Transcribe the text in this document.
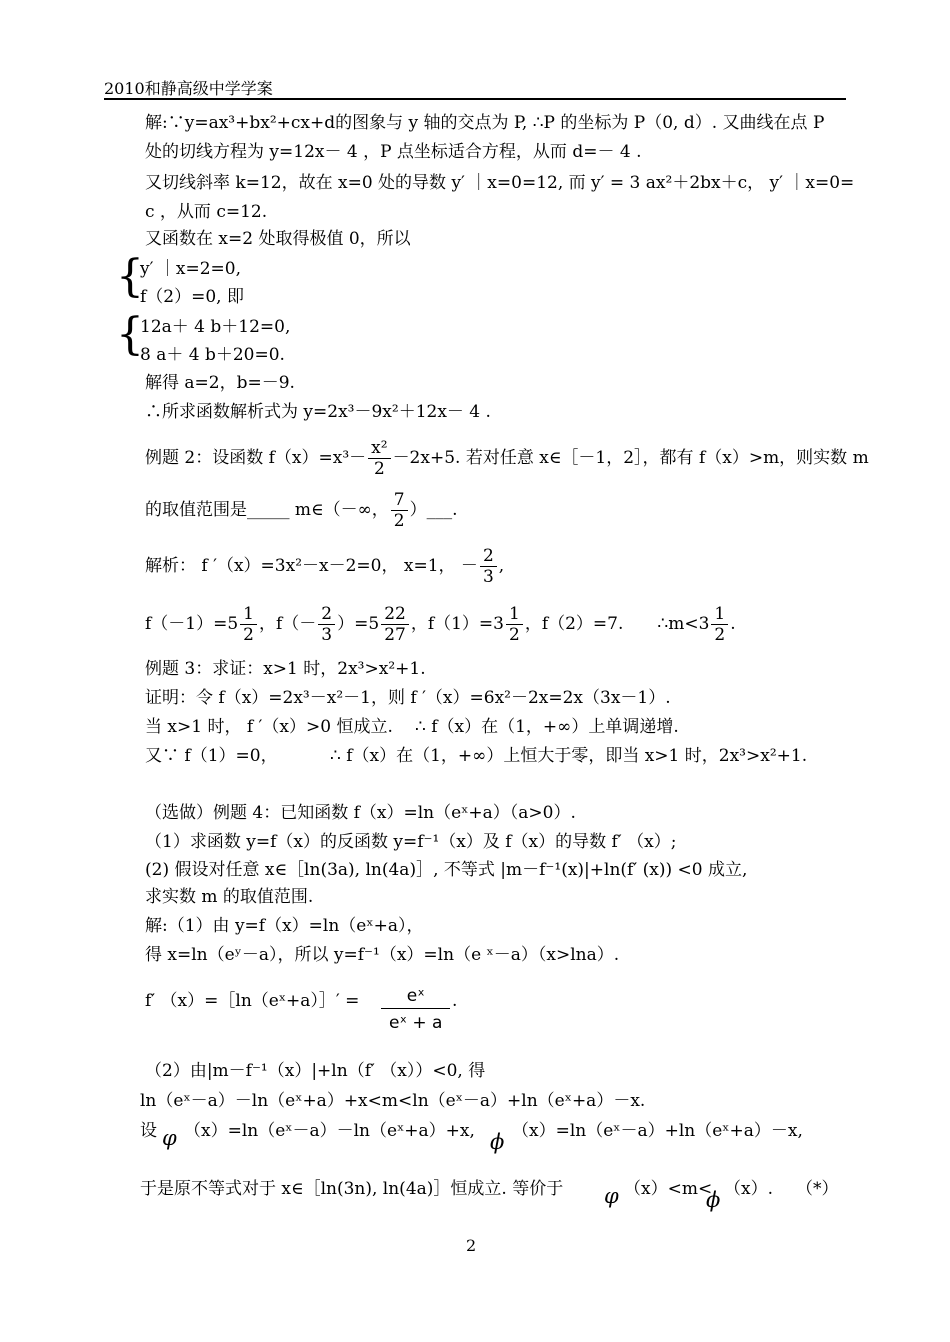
2010和静高级中学学案
解:∵y=ax³+bx²+cx+d的图象与 y 轴的交点为 P, ∴P 的坐标为 P（0, d）. 又曲线在点 P
处的切线方程为 y=12x－ 4 ，P 点坐标适合方程，从而 d=－ 4 .
又切线斜率 k=12，故在 x=0 处的导数 y′ ｜x=0=12, 而 y′ = 3 ax²＋2bx＋c， y′ ｜x=0=
c ，从而 c=12.
又函数在 x=2 处取得极值 0，所以
{
y′ ｜x=2=0,
f（2）=0, 即
{
12a＋ 4 b＋12=0,
8 a＋ 4 b＋20=0.
解得 a=2，b=－9.
∴所求函数解析式为 y=2x³－9x²＋12x－ 4 .
例题 2：设函数 $f(x)=x^3- \frac{\text{x²}}{2} -2x+5$. 若对任意 x∈［－1，2］，都有 f（x）>m，则实数 m
的取值范围是_____ m∈（－∞， $\frac{7}{2}$ ）___.
解析： f ′（x）=3x²－x－2=0， x=1， － $\frac{2}{3}$ ,
$f(-1)=5 \frac{1}{2}$ ，$f(- \frac{2}{3} )=5 \frac{22}{27}$ ，$f(1)=3 \frac{1}{2}$ ，f（2）=7. ∴m<3 $\frac{1}{2}$ .
例题 3：求证：x>1 时，2x³>x²+1.
证明：令 f（x）=2x³－x²－1，则 f ′（x）=6x²－2x=2x（3x－1）.
当 x>1 时， f ′（x）>0 恒成立. ∴ f（x）在（1，+∞）上单调递增.
又∵ f（1）=0，	∴ f（x）在（1，+∞）上恒大于零，即当 x>1 时，2x³>x²+1.
（选做）例题 4：已知函数 f（x）=ln（eˣ+a）（a>0）.
（1）求函数 y=f（x）的反函数 y=f⁻¹（x）及 f（x）的导数 f′ （x）;
(2) 假设对任意 x∈［ln(3a), ln(4a)］, 不等式 |m－f⁻¹(x)|+ln(f′ (x)) <0 成立,
求实数 m 的取值范围.
解:（1）由 y=f（x）=ln（eˣ+a），
得 x=ln（eʸ－a），所以 y=f⁻¹（x）=ln（e ˣ－a）（x>lna）.
f′ （x）=［ln（eˣ+a）］′ = $\frac{\text{eˣ}}{\text{eˣ + a}}$ .
（2）由|m－f⁻¹（x）|+ln（f′ （x））<0, 得
ln（eˣ－a）－ln（eˣ+a）+x<m<ln（eˣ－a）+ln（eˣ+a）－x.
设 φ （x）=ln（eˣ－a）－ln（eˣ+a）+x, ϕ （x）=ln（eˣ－a）+ln（eˣ+a）－x,
于是原不等式对于 x∈［ln(3n), ln(4a)］恒成立. 等价于 φ （x）<m<
ϕ （x）. （*）
2
